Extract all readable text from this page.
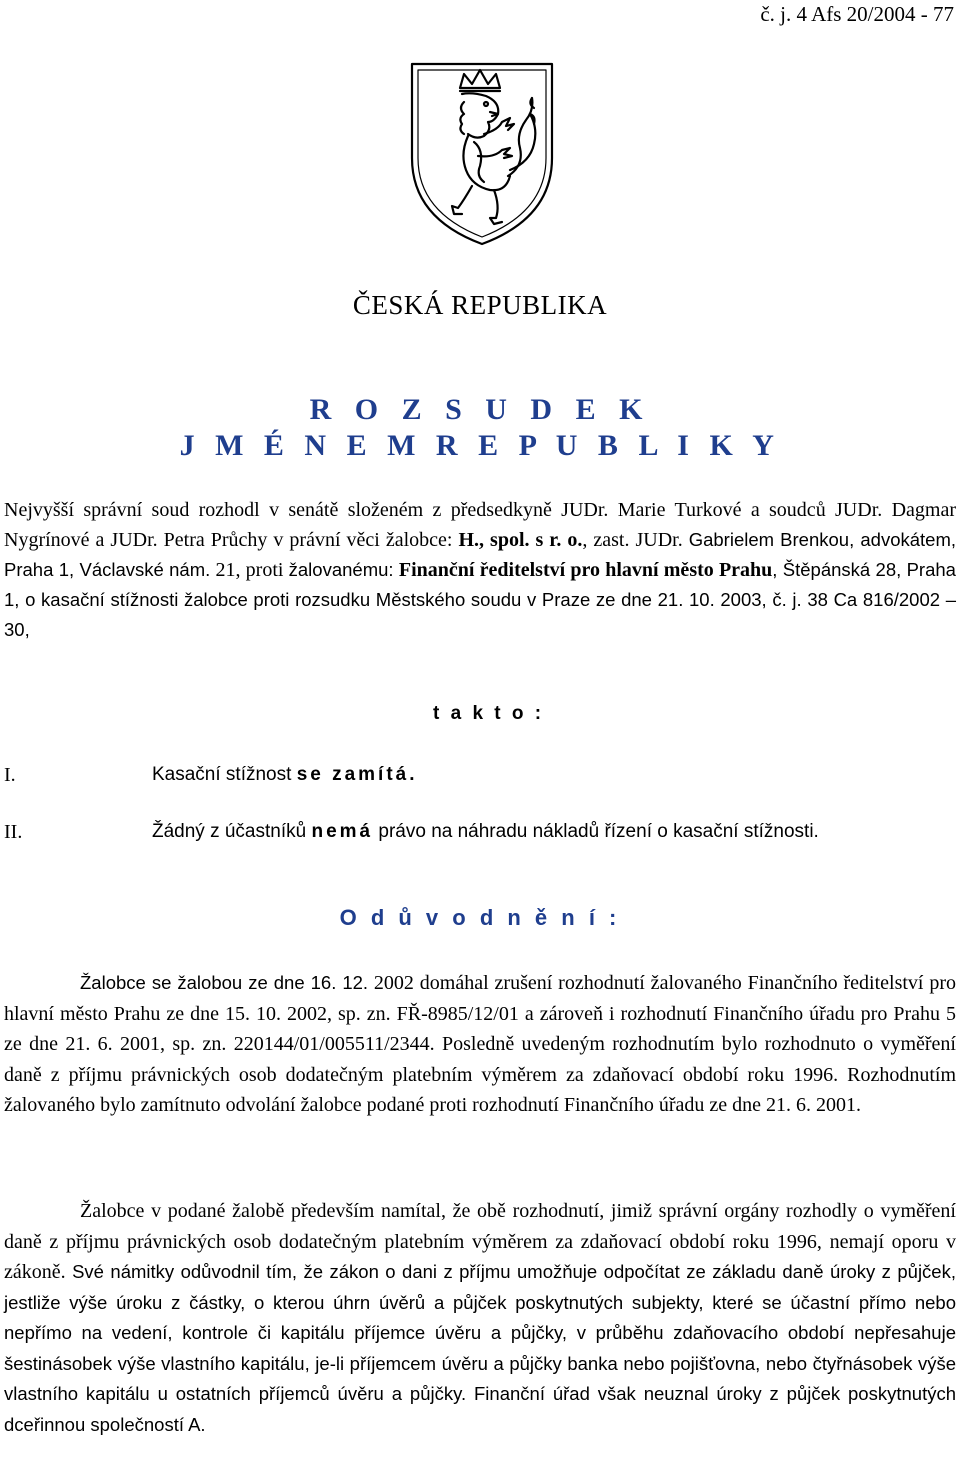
č. j. 4 Afs 20/2004 - 77
ČESKÁ REPUBLIKA
R O Z S U D E K
J M É N E M R E P U B L I K Y
Nejvyšší správní soud rozhodl v senátě složeném z předsedkyně JUDr. Marie Turkové a soudců JUDr. Dagmar Nygrínové a JUDr. Petra Průchy v právní věci žalobce: H., spol. s r. o., zast. JUDr. Gabrielem Brenkou, advokátem, Praha 1, Václavské nám. 21, proti žalovanému: Finanční ředitelství pro hlavní město Prahu, Štěpánská 28, Praha 1, o kasační stížnosti žalobce proti rozsudku Městského soudu v Praze ze dne 21. 10. 2003, č. j. 38 Ca 816/2002 – 30,
t a k t o :
I.	Kasační stížnost se zamítá.
II.	Žádný z účastníků nemá právo na náhradu nákladů řízení o kasační stížnosti.
O d ů v o d n ě n í :
Žalobce se žalobou ze dne 16. 12. 2002 domáhal zrušení rozhodnutí žalovaného Finančního ředitelství pro hlavní město Prahu ze dne 15. 10. 2002, sp. zn. FŘ-8985/12/01 a zároveň i rozhodnutí Finančního úřadu pro Prahu 5 ze dne 21. 6. 2001, sp. zn. 220144/01/005511/2344. Posledně uvedeným rozhodnutím bylo rozhodnuto o vyměření daně z příjmu právnických osob dodatečným platebním výměrem za zdaňovací období roku 1996. Rozhodnutím žalovaného bylo zamítnuto odvolání žalobce podané proti rozhodnutí Finančního úřadu ze dne 21. 6. 2001.
Žalobce v podané žalobě především namítal, že obě rozhodnutí, jimiž správní orgány rozhodly o vyměření daně z příjmu právnických osob dodatečným platebním výměrem za zdaňovací období roku 1996, nemají oporu v zákoně. Své námitky odůvodnil tím, že zákon o dani z příjmu umožňuje odpočítat ze základu daně úroky z půjček, jestliže výše úroku z částky, o kterou úhrn úvěrů a půjček poskytnutých subjekty, které se účastní přímo nebo nepřímo na vedení, kontrole či kapitálu příjemce úvěru a půjčky, v průběhu zdaňovacího období nepřesahuje šestinásobek výše vlastního kapitálu, je-li příjemcem úvěru a půjčky banka nebo pojišťovna, nebo čtyřnásobek výše vlastního kapitálu u ostatních příjemců úvěru a půjčky. Finanční úřad však neuznal úroky z půjček poskytnutých dceřinnou společností A.
